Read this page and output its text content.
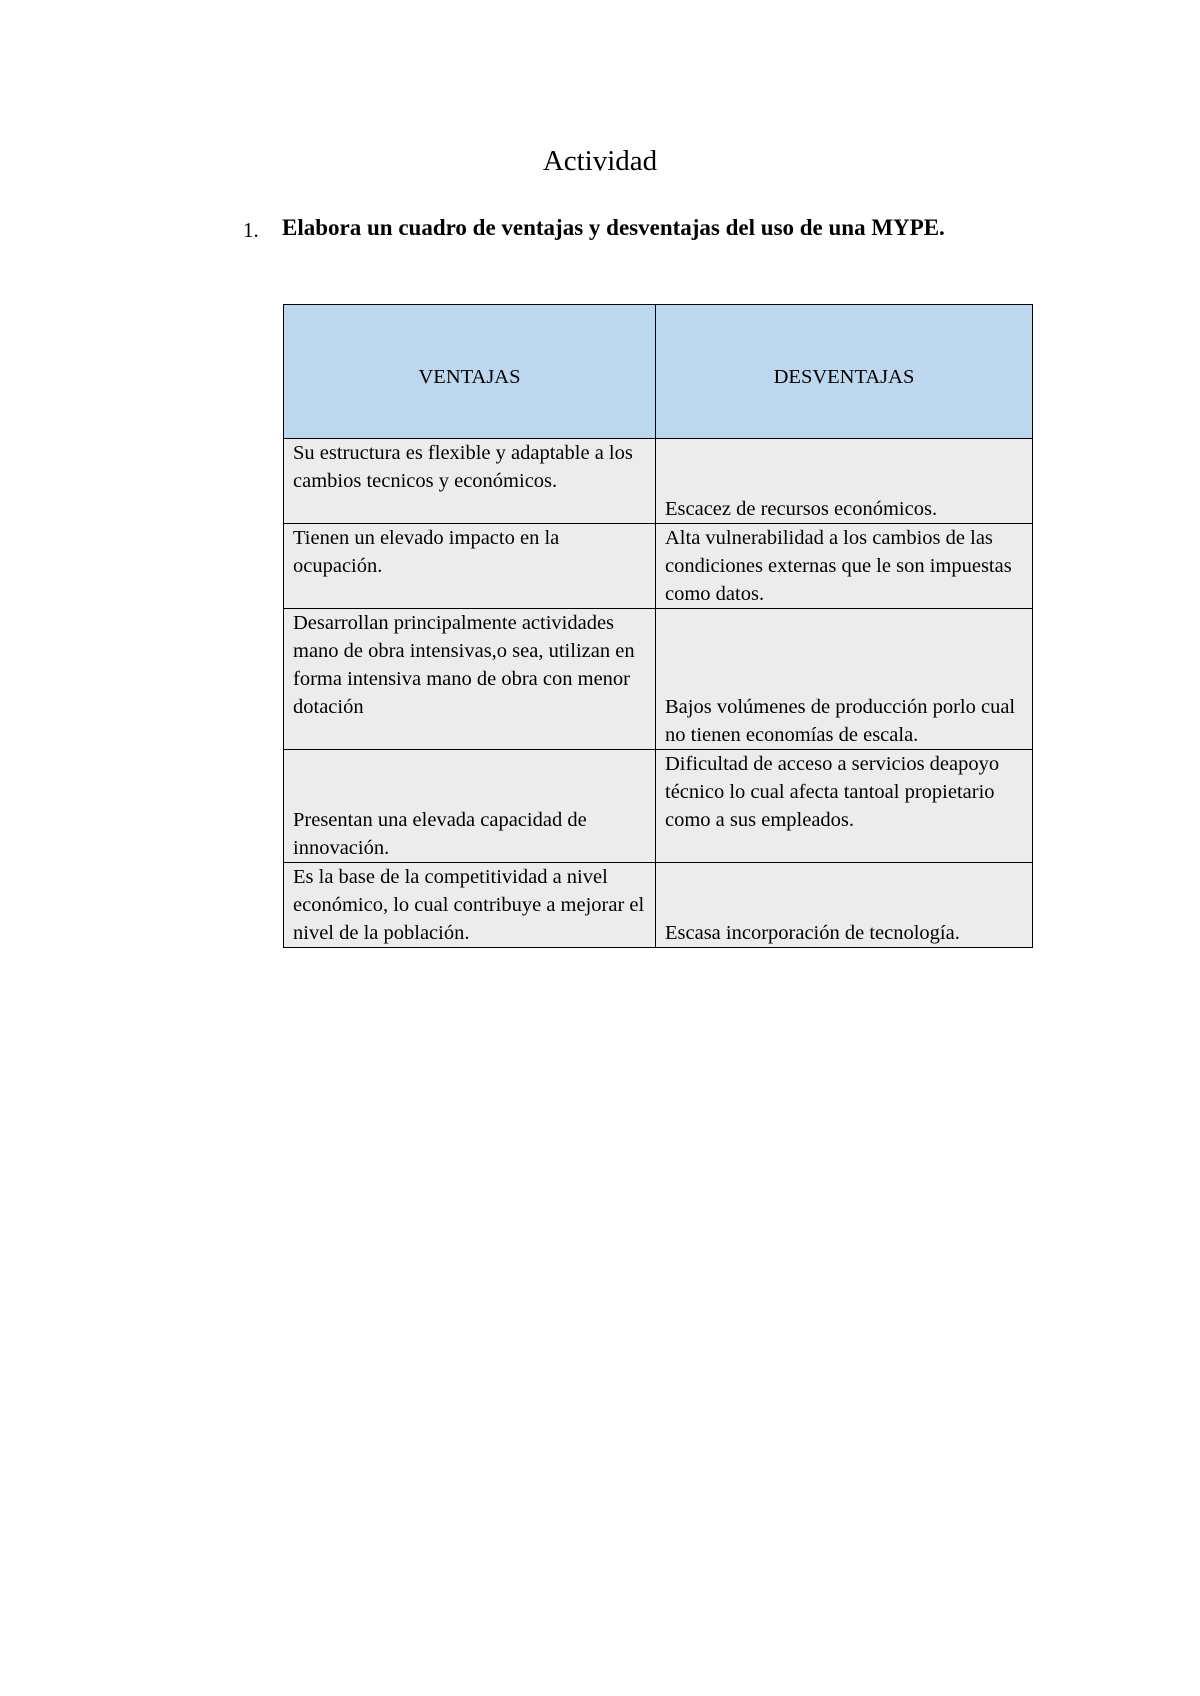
Actividad
1. Elabora un cuadro de ventajas y desventajas del uso de una MYPE.
VENTAJAS	DESVENTAJAS
Su estructura es flexible y adaptable a los cambios tecnicos y económicos.	Escacez de recursos económicos.
Tienen un elevado impacto en la ocupación.	Alta vulnerabilidad a los cambios de las condiciones externas que le son impuestas como datos.
Desarrollan principalmente actividades mano de obra intensivas,o sea, utilizan en forma intensiva mano de obra con menor dotación	Bajos volúmenes de producción porlo cual no tienen economías de escala.
Presentan una elevada capacidad de innovación.	Dificultad de acceso a servicios deapoyo técnico lo cual afecta tantoal propietario como a sus empleados.
Es la base de la competitividad a nivel económico, lo cual contribuye a mejorar el nivel de la población.	Escasa incorporación de tecnología.
